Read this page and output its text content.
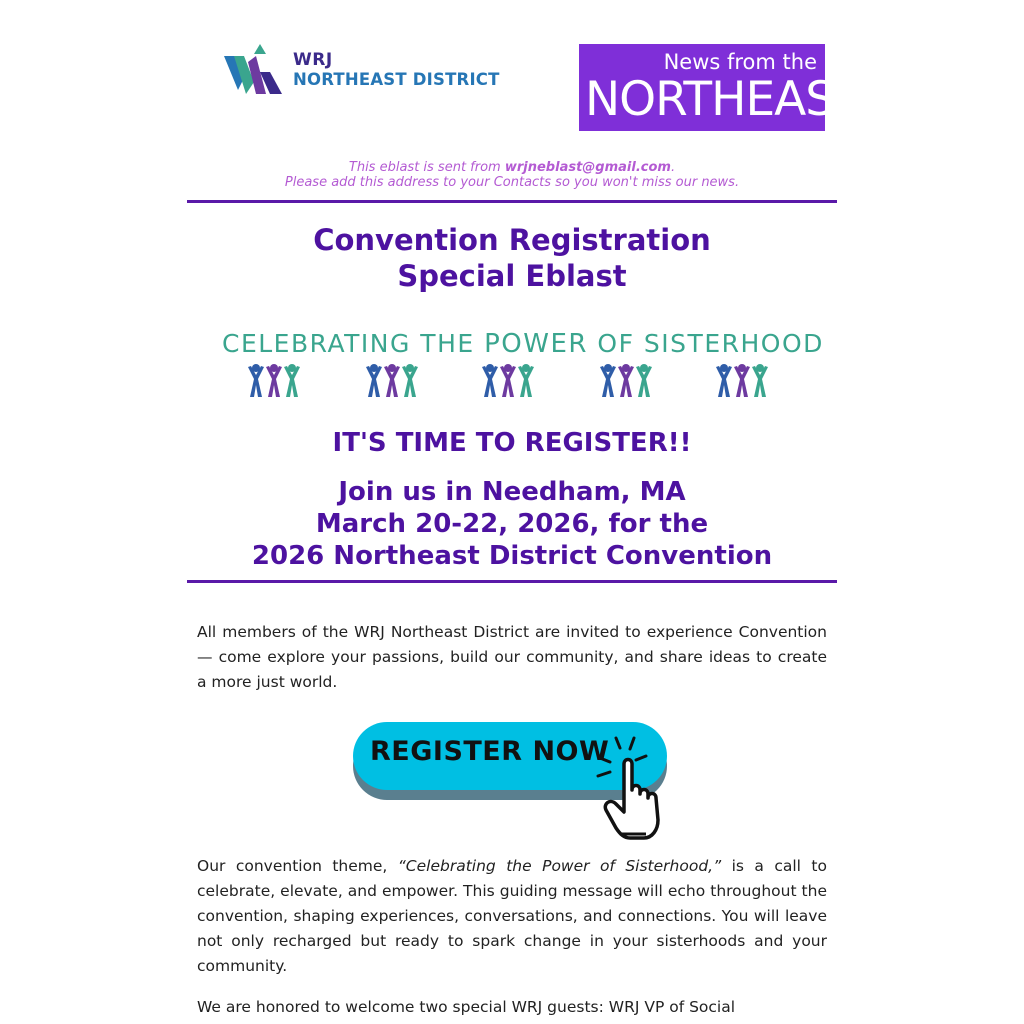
WRJ
NORTHEAST DISTRICT
News from the
NORTHEAST
This eblast is sent from wrjneblast@gmail.com.
Please add this address to your Contacts so you won't miss our news.
Convention Registration
Special Eblast
CELEBRATING THE POWER OF SISTERHOOD
IT'S TIME TO REGISTER!!
Join us in Needham, MA
March 20-22, 2026, for the
2026 Northeast District Convention
All members of the WRJ Northeast District are invited to experience Convention — come explore your passions, build our community, and share ideas to create a more just world.
REGISTER NOW
Our convention theme, “Celebrating the Power of Sisterhood,” is a call to celebrate, elevate, and empower. This guiding message will echo throughout the convention, shaping experiences, conversations, and connections. You will leave not only recharged but ready to spark change in your sisterhoods and your community.
We are honored to welcome two special WRJ guests: WRJ VP of Social
